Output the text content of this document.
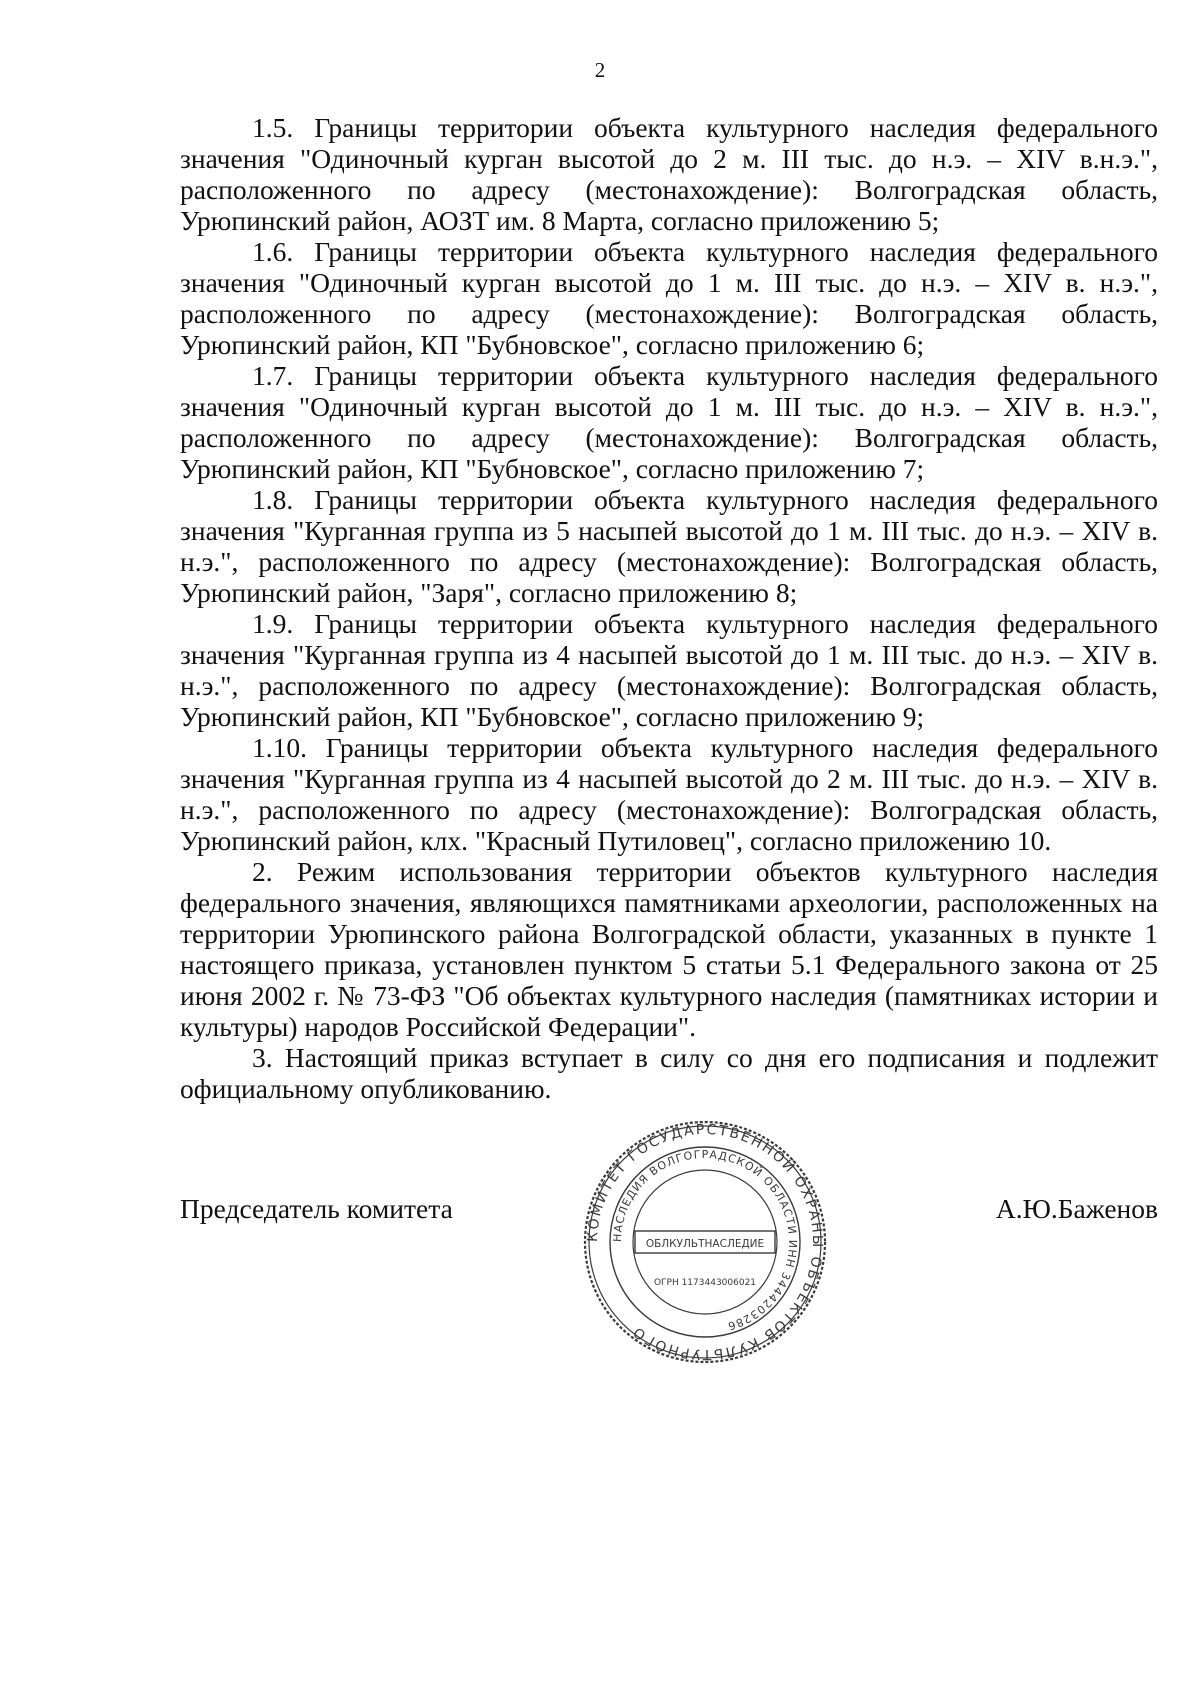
2

1.5. Границы территории объекта культурного наследия федерального значения "Одиночный курган высотой до 2 м. III тыс. до н.э. – XIV в.н.э.", расположенного по адресу (местонахождение): Волгоградская область, Урюпинский район, АОЗТ им. 8 Марта, согласно приложению 5;

1.6. Границы территории объекта культурного наследия федерального значения "Одиночный курган высотой до 1 м. III тыс. до н.э. – XIV в. н.э.", расположенного по адресу (местонахождение): Волгоградская область, Урюпинский район, КП "Бубновское", согласно приложению 6;

1.7. Границы территории объекта культурного наследия федерального значения "Одиночный курган высотой до 1 м. III тыс. до н.э. – XIV в. н.э.", расположенного по адресу (местонахождение): Волгоградская область, Урюпинский район, КП "Бубновское", согласно приложению 7;

1.8. Границы территории объекта культурного наследия федерального значения "Курганная группа из 5 насыпей высотой до 1 м. III тыс. до н.э. – XIV в. н.э.", расположенного по адресу (местонахождение): Волгоградская область, Урюпинский район, "Заря", согласно приложению 8;

1.9. Границы территории объекта культурного наследия федерального значения "Курганная группа из 4 насыпей высотой до 1 м. III тыс. до н.э. – XIV в. н.э.", расположенного по адресу (местонахождение): Волгоградская область, Урюпинский район, КП "Бубновское", согласно приложению 9;

1.10. Границы территории объекта культурного наследия федерального значения "Курганная группа из 4 насыпей высотой до 2 м. III тыс. до н.э. – XIV в. н.э.", расположенного по адресу (местонахождение): Волгоградская область, Урюпинский район, клх. "Красный Путиловец", согласно приложению 10.

2. Режим использования территории объектов культурного наследия федерального значения, являющихся памятниками археологии, расположенных на территории Урюпинского района Волгоградской области, указанных в пункте 1 настоящего приказа, установлен пунктом 5 статьи 5.1 Федерального закона от 25 июня 2002 г. № 73-ФЗ "Об объектах культурного наследия (памятниках истории и культуры) народов Российской Федерации".

3. Настоящий приказ вступает в силу со дня его подписания и подлежит официальному опубликованию.

Председатель комитета	А.Ю.Баженов
КОМИТЕТ ГОСУДАРСТВЕННОЙ ОХРАНЫ ОБЪЕКТОВ КУЛЬТУРНОГО
НАСЛЕДИЯ ВОЛГОГРАДСКОЙ ОБЛАСТИ ИНН 3444203286
ОБЛКУЛЬТНАСЛЕДИЕ
ОГРН 1173443006021
